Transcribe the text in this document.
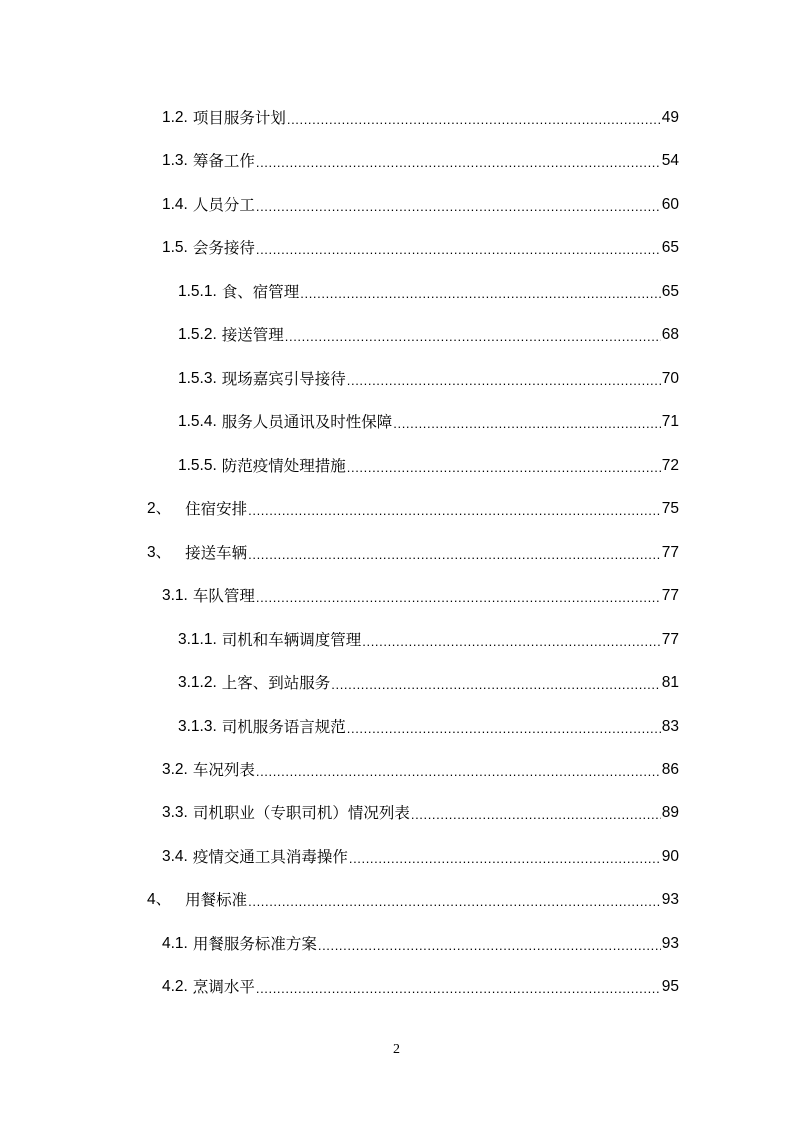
1.2. 项目服务计划 .....	49
1.3. 筹备工作 .....	54
1.4. 人员分工 .....	60
1.5. 会务接待 .....	65
1.5.1. 食、宿管理 .....	65
1.5.2. 接送管理 .....	68
1.5.3. 现场嘉宾引导接待 .....	70
1.5.4. 服务人员通讯及时性保障 .....	71
1.5.5. 防范疫情处理措施 .....	72
2、 住宿安排 .....	75
3、 接送车辆 .....	77
3.1. 车队管理 .....	77
3.1.1. 司机和车辆调度管理 .....	77
3.1.2. 上客、到站服务 .....	81
3.1.3. 司机服务语言规范 .....	83
3.2. 车况列表 .....	86
3.3. 司机职业（专职司机）情况列表 .....	89
3.4. 疫情交通工具消毒操作 .....	90
4、 用餐标准 .....	93
4.1. 用餐服务标准方案 .....	93
4.2. 烹调水平 .....	95
2
